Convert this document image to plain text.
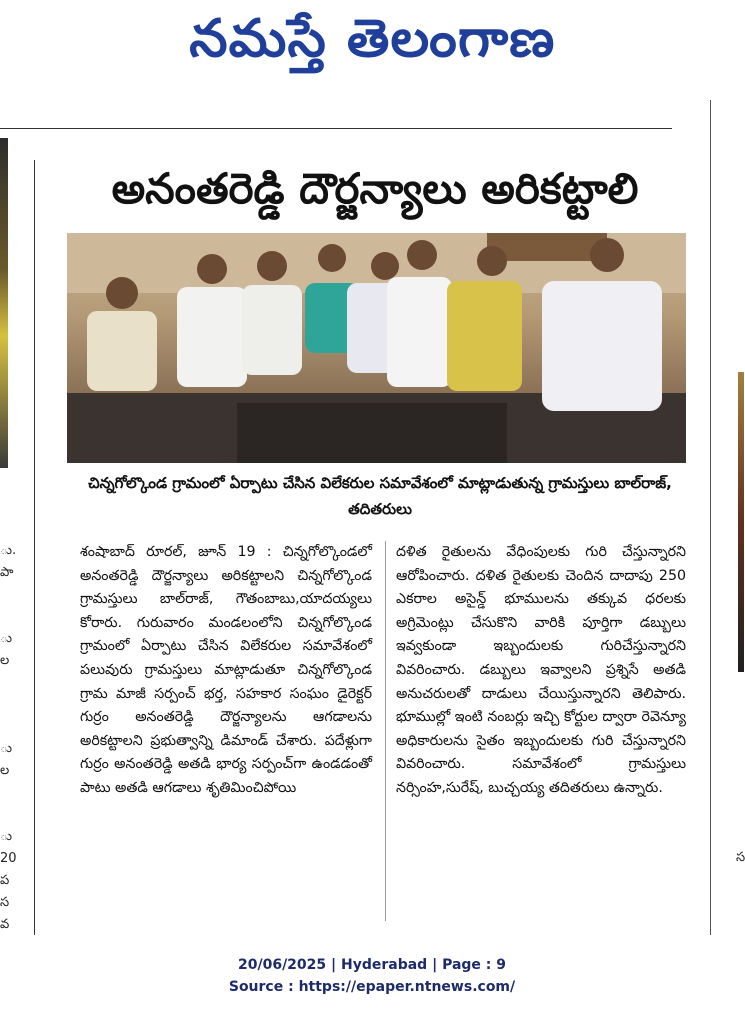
నమస్తే తెలంగాణ
ు.
పా
ు
ల
ు
ల
ు
20
ప
స
వ
స
అనంతరెడ్డి దౌర్జన్యాలు అరికట్టాలి
చిన్నగోల్కొండ గ్రామంలో ఏర్పాటు చేసిన విలేకరుల సమావేశంలో మాట్లాడుతున్న గ్రామస్తులు బాల్‌రాజ్, తదితరులు
శంషాబాద్ రూరల్, జూన్ 19 : చిన్నగోల్కొండలో అనంతరెడ్డి దౌర్జన్యాలు అరికట్టాలని చిన్నగోల్కొండ గ్రామస్తులు బాల్‌రాజ్, గౌతంబాబు,యాదయ్యలు కోరారు. గురువారం మండలంలోని చిన్నగోల్కొండ గ్రామంలో ఏర్పాటు చేసిన విలేకరుల సమావేశంలో పలువురు గ్రామస్తులు మాట్లాడుతూ చిన్నగోల్కొండ గ్రామ మాజీ సర్పంచ్ భర్త, సహకార సంఘం డైరెక్టర్ గుర్రం అనంతరెడ్డి దౌర్జన్యాలను ఆగడాలను అరికట్టాలని ప్రభుత్వాన్ని డిమాండ్ చేశారు. పదేళ్లుగా గుర్రం అనంతరెడ్డి అతడి భార్య సర్పంచ్‌గా ఉండడంతో పాటు అతడి ఆగడాలు శృతిమించిపోయి
దళిత రైతులను వేధింపులకు గురి చేస్తున్నారని ఆరోపించారు. దళిత రైతులకు చెందిన దాదాపు 250 ఎకరాల అసైన్డ్ భూములను తక్కువ ధరలకు అగ్రిమెంట్లు చేసుకొని వారికి పూర్తిగా డబ్బులు ఇవ్వకుండా ఇబ్బందులకు గురిచేస్తున్నారని వివరించారు. డబ్బులు ఇవ్వాలని ప్రశ్నిసే అతడి అనుచరులతో దాడులు చేయిస్తున్నారని తెలిపారు. భూముల్లో ఇంటి నంబర్లు ఇచ్చి కోర్టుల ద్వారా రెవెన్యూ అధికారులను సైతం ఇబ్బందులకు గురి చేస్తున్నారని వివరించారు. సమావేశంలో గ్రామస్తులు నర్సింహ,సురేష్, బుచ్చయ్య తదితరులు ఉన్నారు.
20/06/2025 | Hyderabad | Page : 9
Source : https://epaper.ntnews.com/
